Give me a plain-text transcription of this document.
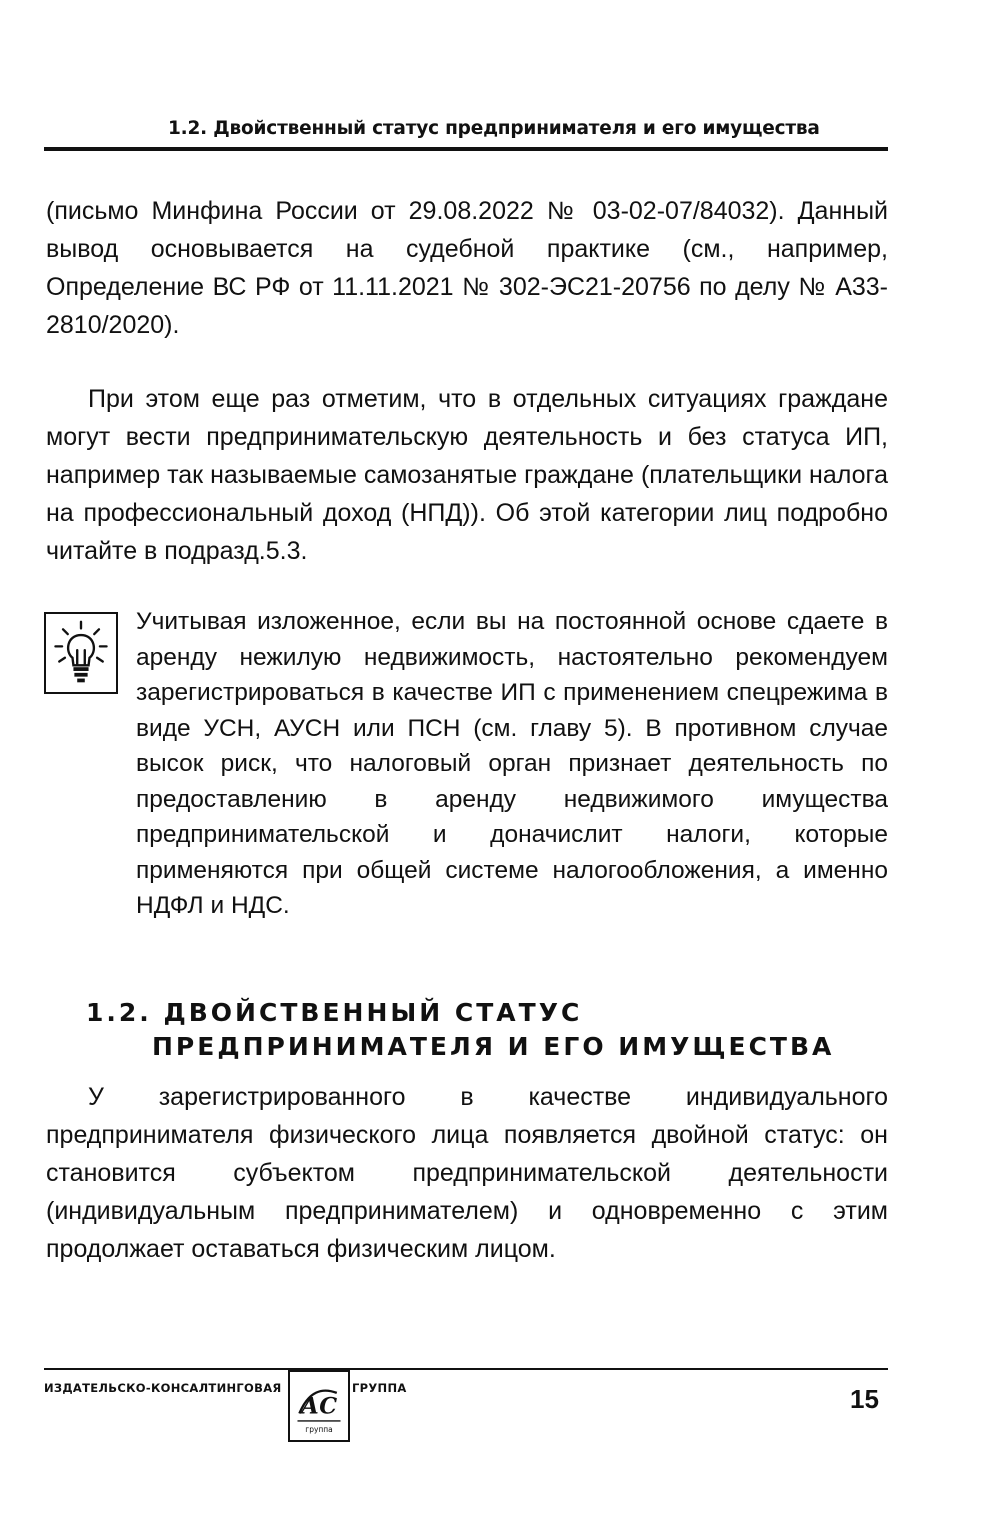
1.2. Двойственный статус предпринимателя и его имущества

(письмо Минфина России от 29.08.2022 № 03-02-07/84032). Данный вывод основывается на судебной практике (см., например, Определение ВС РФ от 11.11.2021 № 302-ЭС21-20756 по делу № А33-2810/2020).

При этом еще раз отметим, что в отдельных ситуациях граждане могут вести предпринимательскую деятельность и без статуса ИП, например так называемые самозанятые граждане (плательщики налога на профессиональный доход (НПД)). Об этой категории лиц подробно читайте в подразд.5.3.

Учитывая изложенное, если вы на постоянной основе сдаете в аренду нежилую недвижимость, настоятельно рекомендуем зарегистрироваться в качестве ИП с применением спецрежима в виде УСН, АУСН или ПСН (см. главу 5). В противном случае высок риск, что налоговый орган признает деятельность по предоставлению в аренду недвижимого имущества предпринимательской и доначислит налоги, которые применяются при общей системе налогообложения, а именно НДФЛ и НДС.

1.2. ДВОЙСТВЕННЫЙ СТАТУС
ПРЕДПРИНИМАТЕЛЯ И ЕГО ИМУЩЕСТВА

У зарегистрированного в качестве индивидуального предпринимателя физического лица появляется двойной статус: он становится субъектом предпринимательской деятельности (индивидуальным предпринимателем) и одновременно с этим продолжает оставаться физическим лицом.

ИЗДАТЕЛЬСКО-КОНСАЛТИНГОВАЯ
АС
группа
ГРУППА	15
